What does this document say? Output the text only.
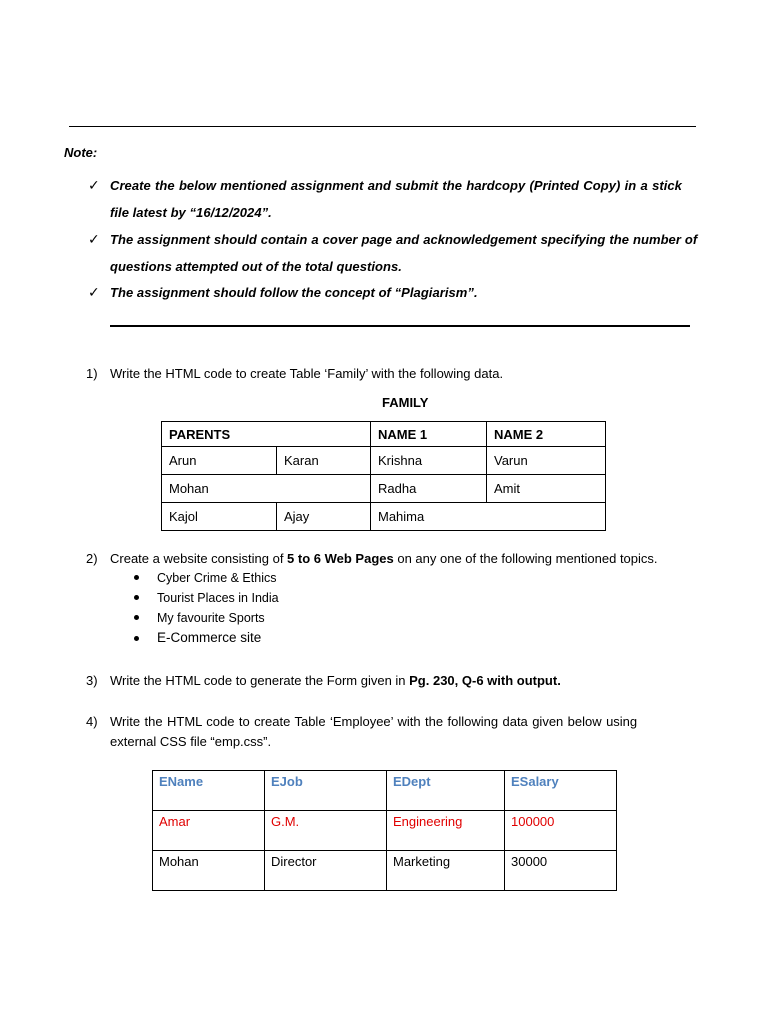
Note:
✓ Create the below mentioned assignment and submit the hardcopy (Printed Copy) in a stick
file latest by “16/12/2024”.
✓ The assignment should contain a cover page and acknowledgement specifying the number of
questions attempted out of the total questions.
✓ The assignment should follow the concept of “Plagiarism”.
1) Write the HTML code to create Table ‘Family’ with the following data.
FAMILY
PARENTS		NAME 1	NAME 2
Arun	Karan	Krishna	Varun
Mohan		Radha	Amit
Kajol	Ajay	Mahima	
2) Create a website consisting of 5 to 6 Web Pages on any one of the following mentioned topics.
Cyber Crime & Ethics
Tourist Places in India
My favourite Sports
E-Commerce site
3) Write the HTML code to generate the Form given in Pg. 230, Q-6 with output.
4) Write the HTML code to create Table ‘Employee’ with the following data given below using
external CSS file “emp.css”.
EName	EJob	EDept	ESalary
Amar	G.M.	Engineering	100000
Mohan	Director	Marketing	30000
